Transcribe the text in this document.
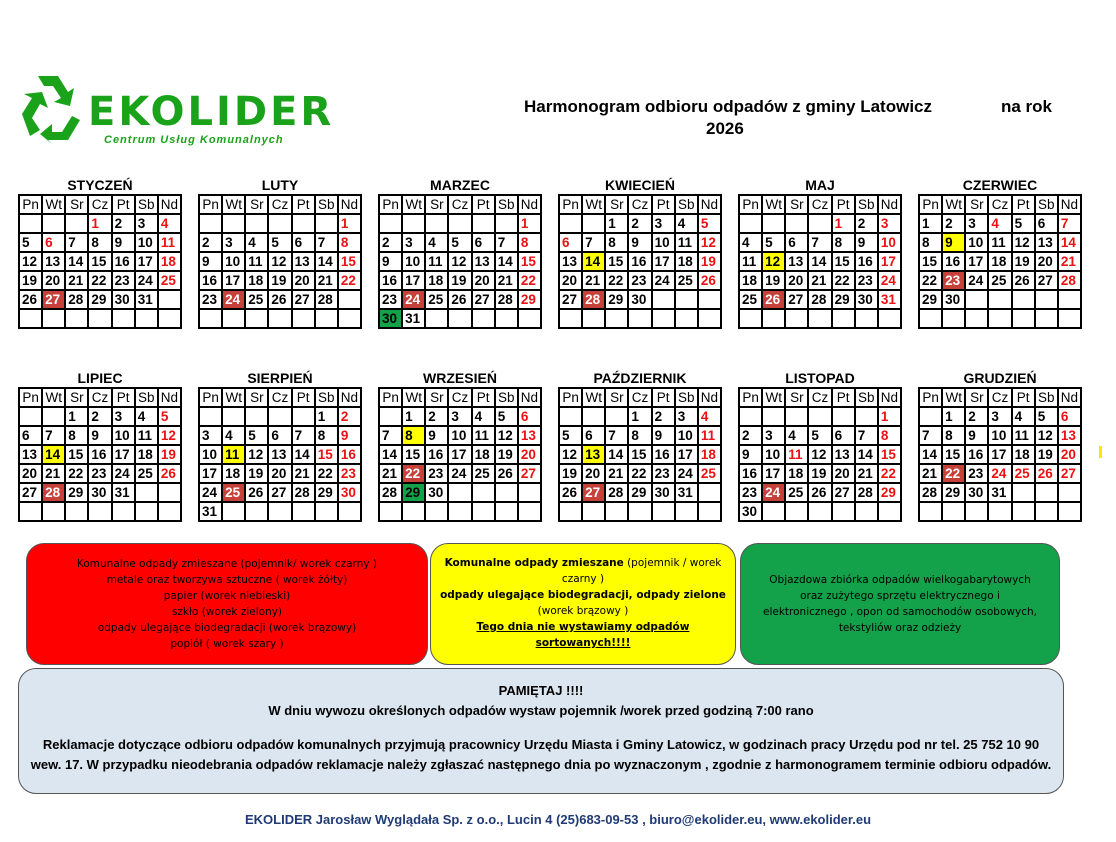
EKOLIDER
Centrum Usług Komunalnych
Harmonogram odbioru odpadów z gminy Latowicz	na rok
2026
STYCZEŃ
Pn	Wt	Sr	Cz	Pt	Sb	Nd
			1	2	3	4
5	6	7	8	9	10	11
12	13	14	15	16	17	18
19	20	21	22	23	24	25
26	27	28	29	30	31	

LUTY
Pn	Wt	Sr	Cz	Pt	Sb	Nd
						1
2	3	4	5	6	7	8
9	10	11	12	13	14	15
16	17	18	19	20	21	22
23	24	25	26	27	28	

MARZEC
Pn	Wt	Sr	Cz	Pt	Sb	Nd
						1
2	3	4	5	6	7	8
9	10	11	12	13	14	15
16	17	18	19	20	21	22
23	24	25	26	27	28	29
30	31					
KWIECIEŃ
Pn	Wt	Sr	Cz	Pt	Sb	Nd
		1	2	3	4	5
6	7	8	9	10	11	12
13	14	15	16	17	18	19
20	21	22	23	24	25	26
27	28	29	30			

MAJ
Pn	Wt	Sr	Cz	Pt	Sb	Nd
				1	2	3
4	5	6	7	8	9	10
11	12	13	14	15	16	17
18	19	20	21	22	23	24
25	26	27	28	29	30	31

CZERWIEC
Pn	Wt	Sr	Cz	Pt	Sb	Nd
1	2	3	4	5	6	7
8	9	10	11	12	13	14
15	16	17	18	19	20	21
22	23	24	25	26	27	28
29	30					

LIPIEC
Pn	Wt	Sr	Cz	Pt	Sb	Nd
		1	2	3	4	5
6	7	8	9	10	11	12
13	14	15	16	17	18	19
20	21	22	23	24	25	26
27	28	29	30	31		

SIERPIEŃ
Pn	Wt	Sr	Cz	Pt	Sb	Nd
					1	2
3	4	5	6	7	8	9
10	11	12	13	14	15	16
17	18	19	20	21	22	23
24	25	26	27	28	29	30
31						
WRZESIEŃ
Pn	Wt	Sr	Cz	Pt	Sb	Nd
	1	2	3	4	5	6
7	8	9	10	11	12	13
14	15	16	17	18	19	20
21	22	23	24	25	26	27
28	29	30				

PAŹDZIERNIK
Pn	Wt	Sr	Cz	Pt	Sb	Nd
			1	2	3	4
5	6	7	8	9	10	11
12	13	14	15	16	17	18
19	20	21	22	23	24	25
26	27	28	29	30	31	

LISTOPAD
Pn	Wt	Sr	Cz	Pt	Sb	Nd
						1
2	3	4	5	6	7	8
9	10	11	12	13	14	15
16	17	18	19	20	21	22
23	24	25	26	27	28	29
30						
GRUDZIEŃ
Pn	Wt	Sr	Cz	Pt	Sb	Nd
	1	2	3	4	5	6
7	8	9	10	11	12	13
14	15	16	17	18	19	20
21	22	23	24	25	26	27
28	29	30	31			

Komunalne odpady zmieszane (pojemnik/ worek czarny )
metale oraz tworzywa sztuczne ( worek żółty)
papier (worek niebieski)
szkło (worek zielony)
odpady ulegające biodegradacji (worek brązowy)
popiół ( worek szary )
Komunalne odpady zmieszane (pojemnik / worek
czarny )
odpady ulegające biodegradacji, odpady zielone
(worek brązowy )
Tego dnia nie wystawiamy odpadów
sortowanych!!!!
Objazdowa zbiórka odpadów wielkogabarytowych
oraz zużytego sprzętu elektrycznego i
elektronicznego , opon od samochodów osobowych,
tekstyliów oraz odzieży
PAMIĘTAJ !!!!
W dniu wywozu określonych odpadów wystaw pojemnik /worek przed godziną 7:00 rano
Reklamacje dotyczące odbioru odpadów komunalnych przyjmują pracownicy Urzędu Miasta i Gminy Latowicz, w godzinach pracy Urzędu pod nr tel. 25 752 10 90
wew. 17. W przypadku nieodebrania odpadów reklamacje należy zgłaszać następnego dnia po wyznaczonym , zgodnie z harmonogramem terminie odbioru odpadów.
EKOLIDER Jarosław Wyglądała Sp. z o.o., Lucin 4 (25)683-09-53 , biuro@ekolider.eu, www.ekolider.eu
